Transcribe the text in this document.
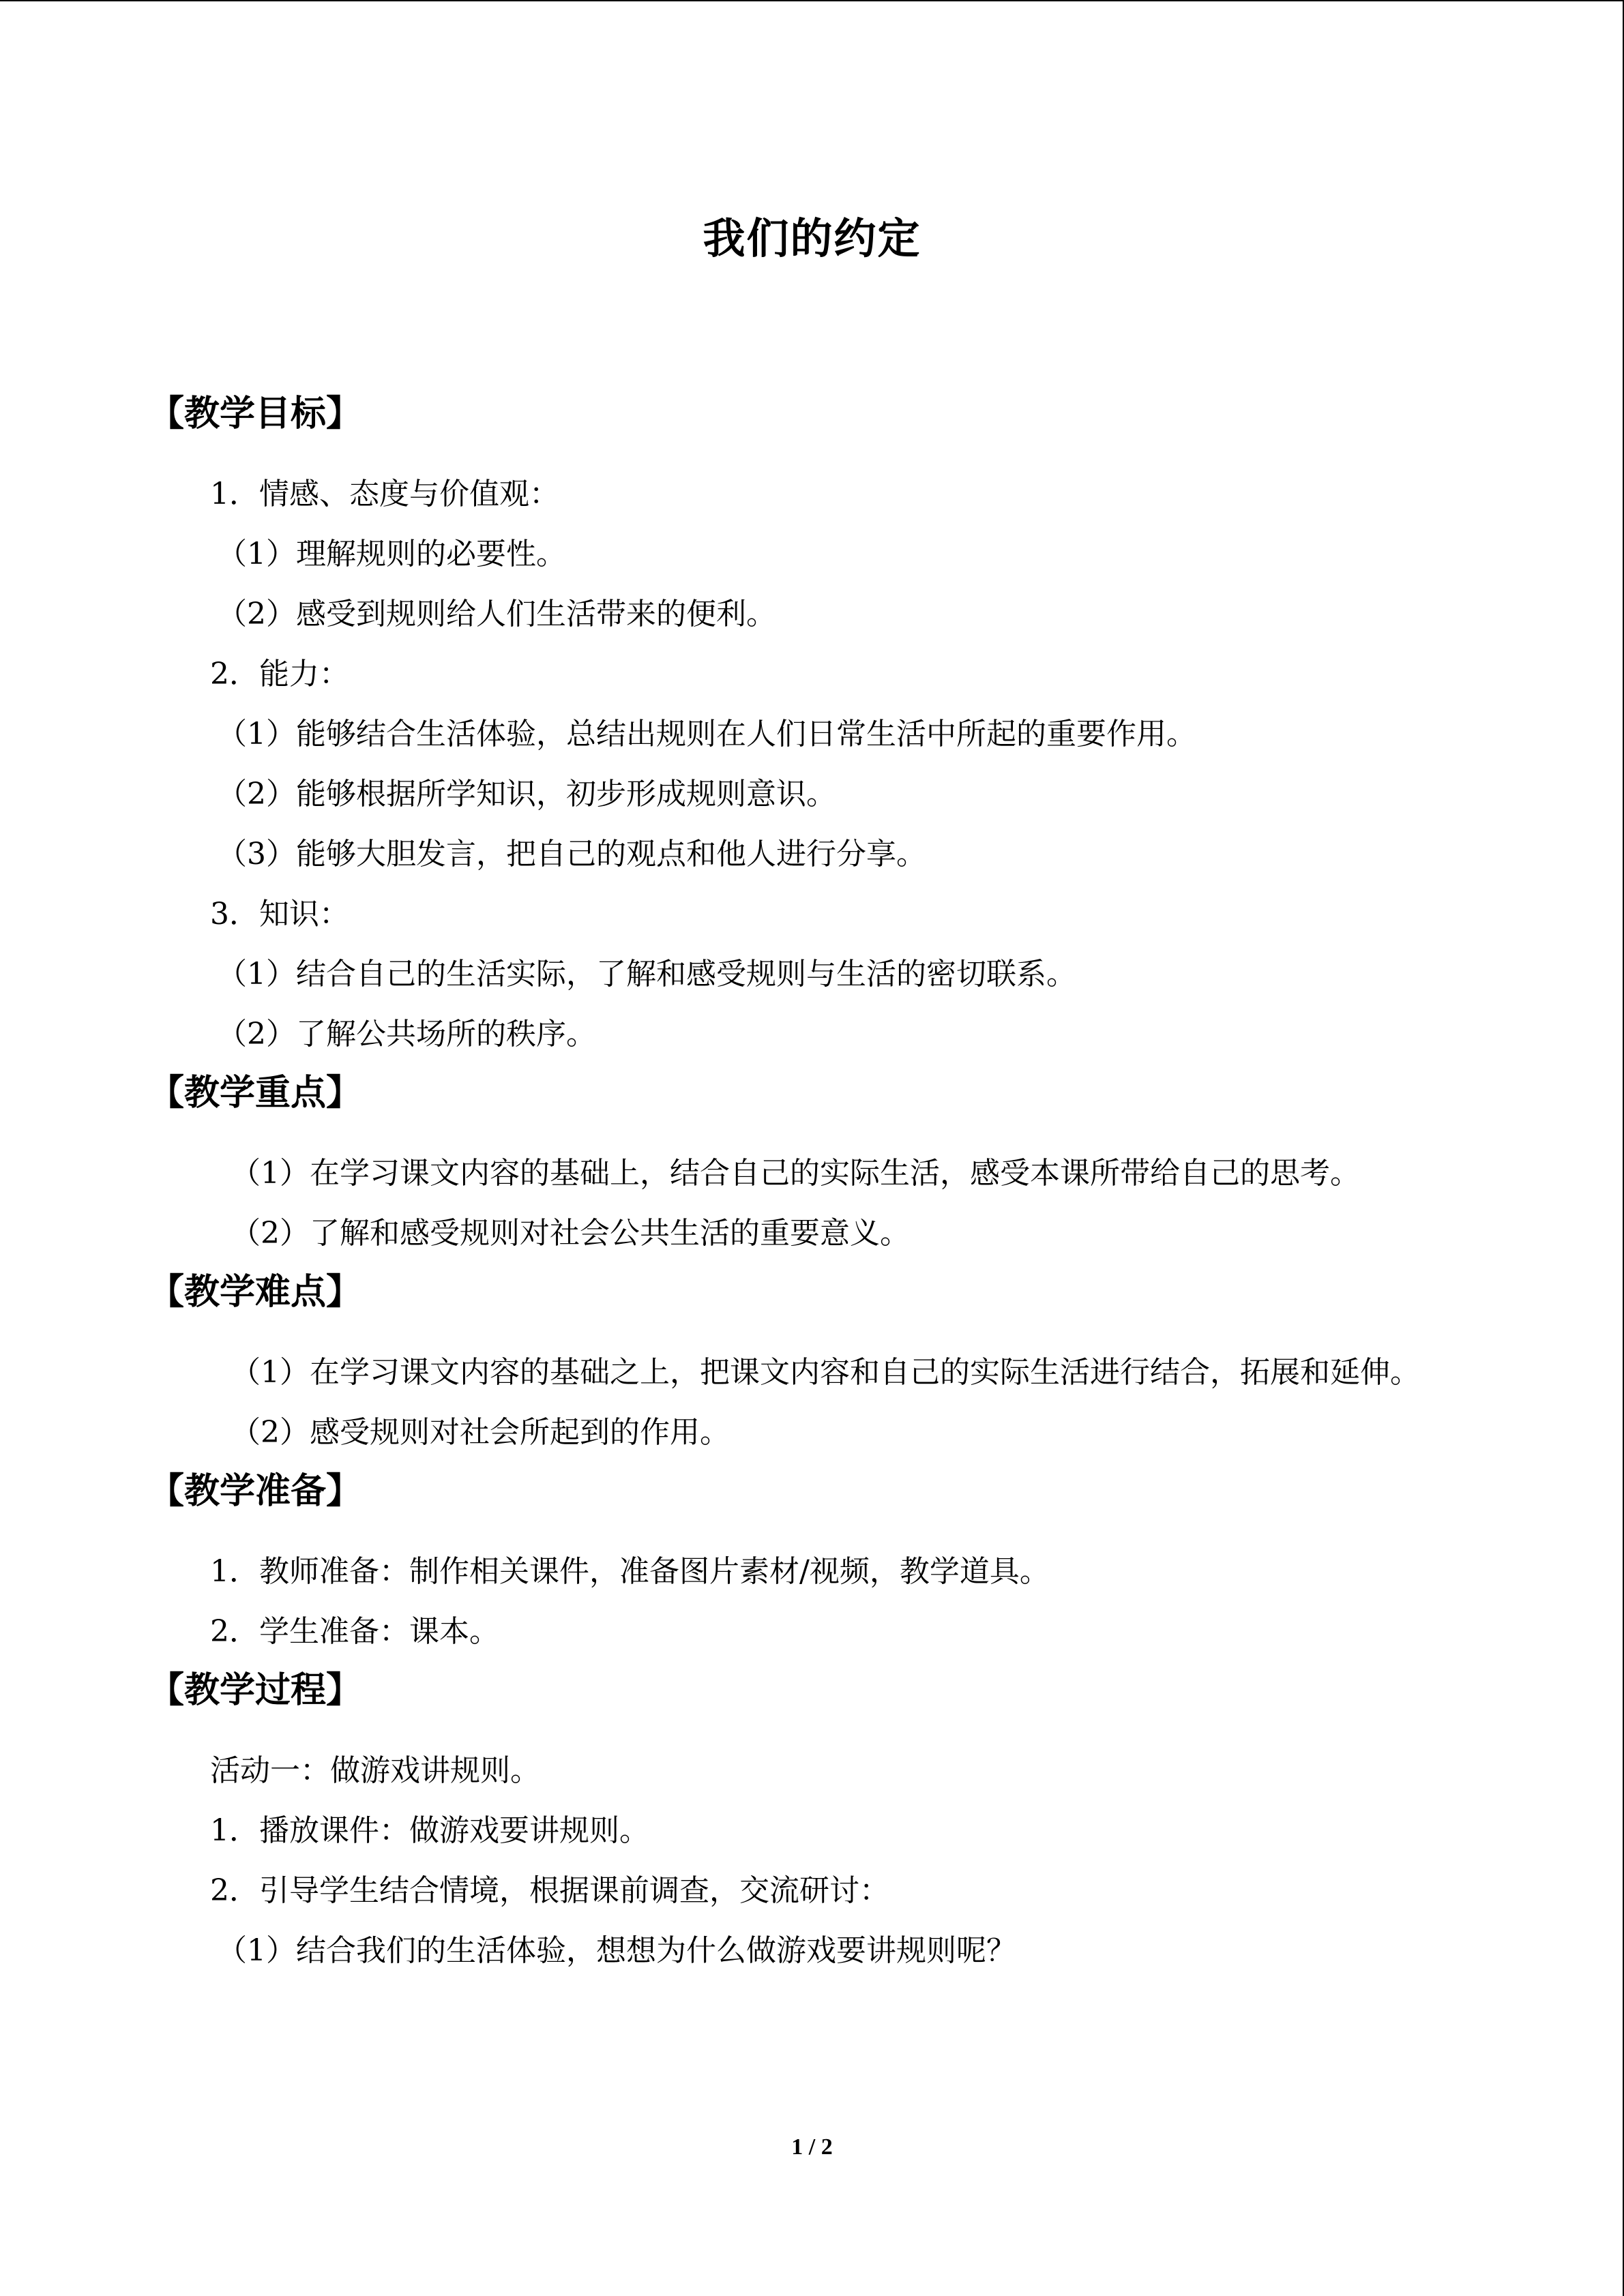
我们的约定
【教学目标】
1．情感、态度与价值观：
（1）理解规则的必要性。
（2）感受到规则给人们生活带来的便利。
2．能力：
（1）能够结合生活体验，总结出规则在人们日常生活中所起的重要作用。
（2）能够根据所学知识，初步形成规则意识。
（3）能够大胆发言，把自己的观点和他人进行分享。
3．知识：
（1）结合自己的生活实际，了解和感受规则与生活的密切联系。
（2）了解公共场所的秩序。
【教学重点】
（1）在学习课文内容的基础上，结合自己的实际生活，感受本课所带给自己的思考。
（2）了解和感受规则对社会公共生活的重要意义。
【教学难点】
（1）在学习课文内容的基础之上，把课文内容和自己的实际生活进行结合，拓展和延伸。
（2）感受规则对社会所起到的作用。
【教学准备】
1．教师准备：制作相关课件，准备图片素材/视频，教学道具。
2．学生准备：课本。
【教学过程】
活动一：做游戏讲规则。
1．播放课件：做游戏要讲规则。
2．引导学生结合情境，根据课前调查，交流研讨：
（1）结合我们的生活体验，想想为什么做游戏要讲规则呢？
1 / 2
